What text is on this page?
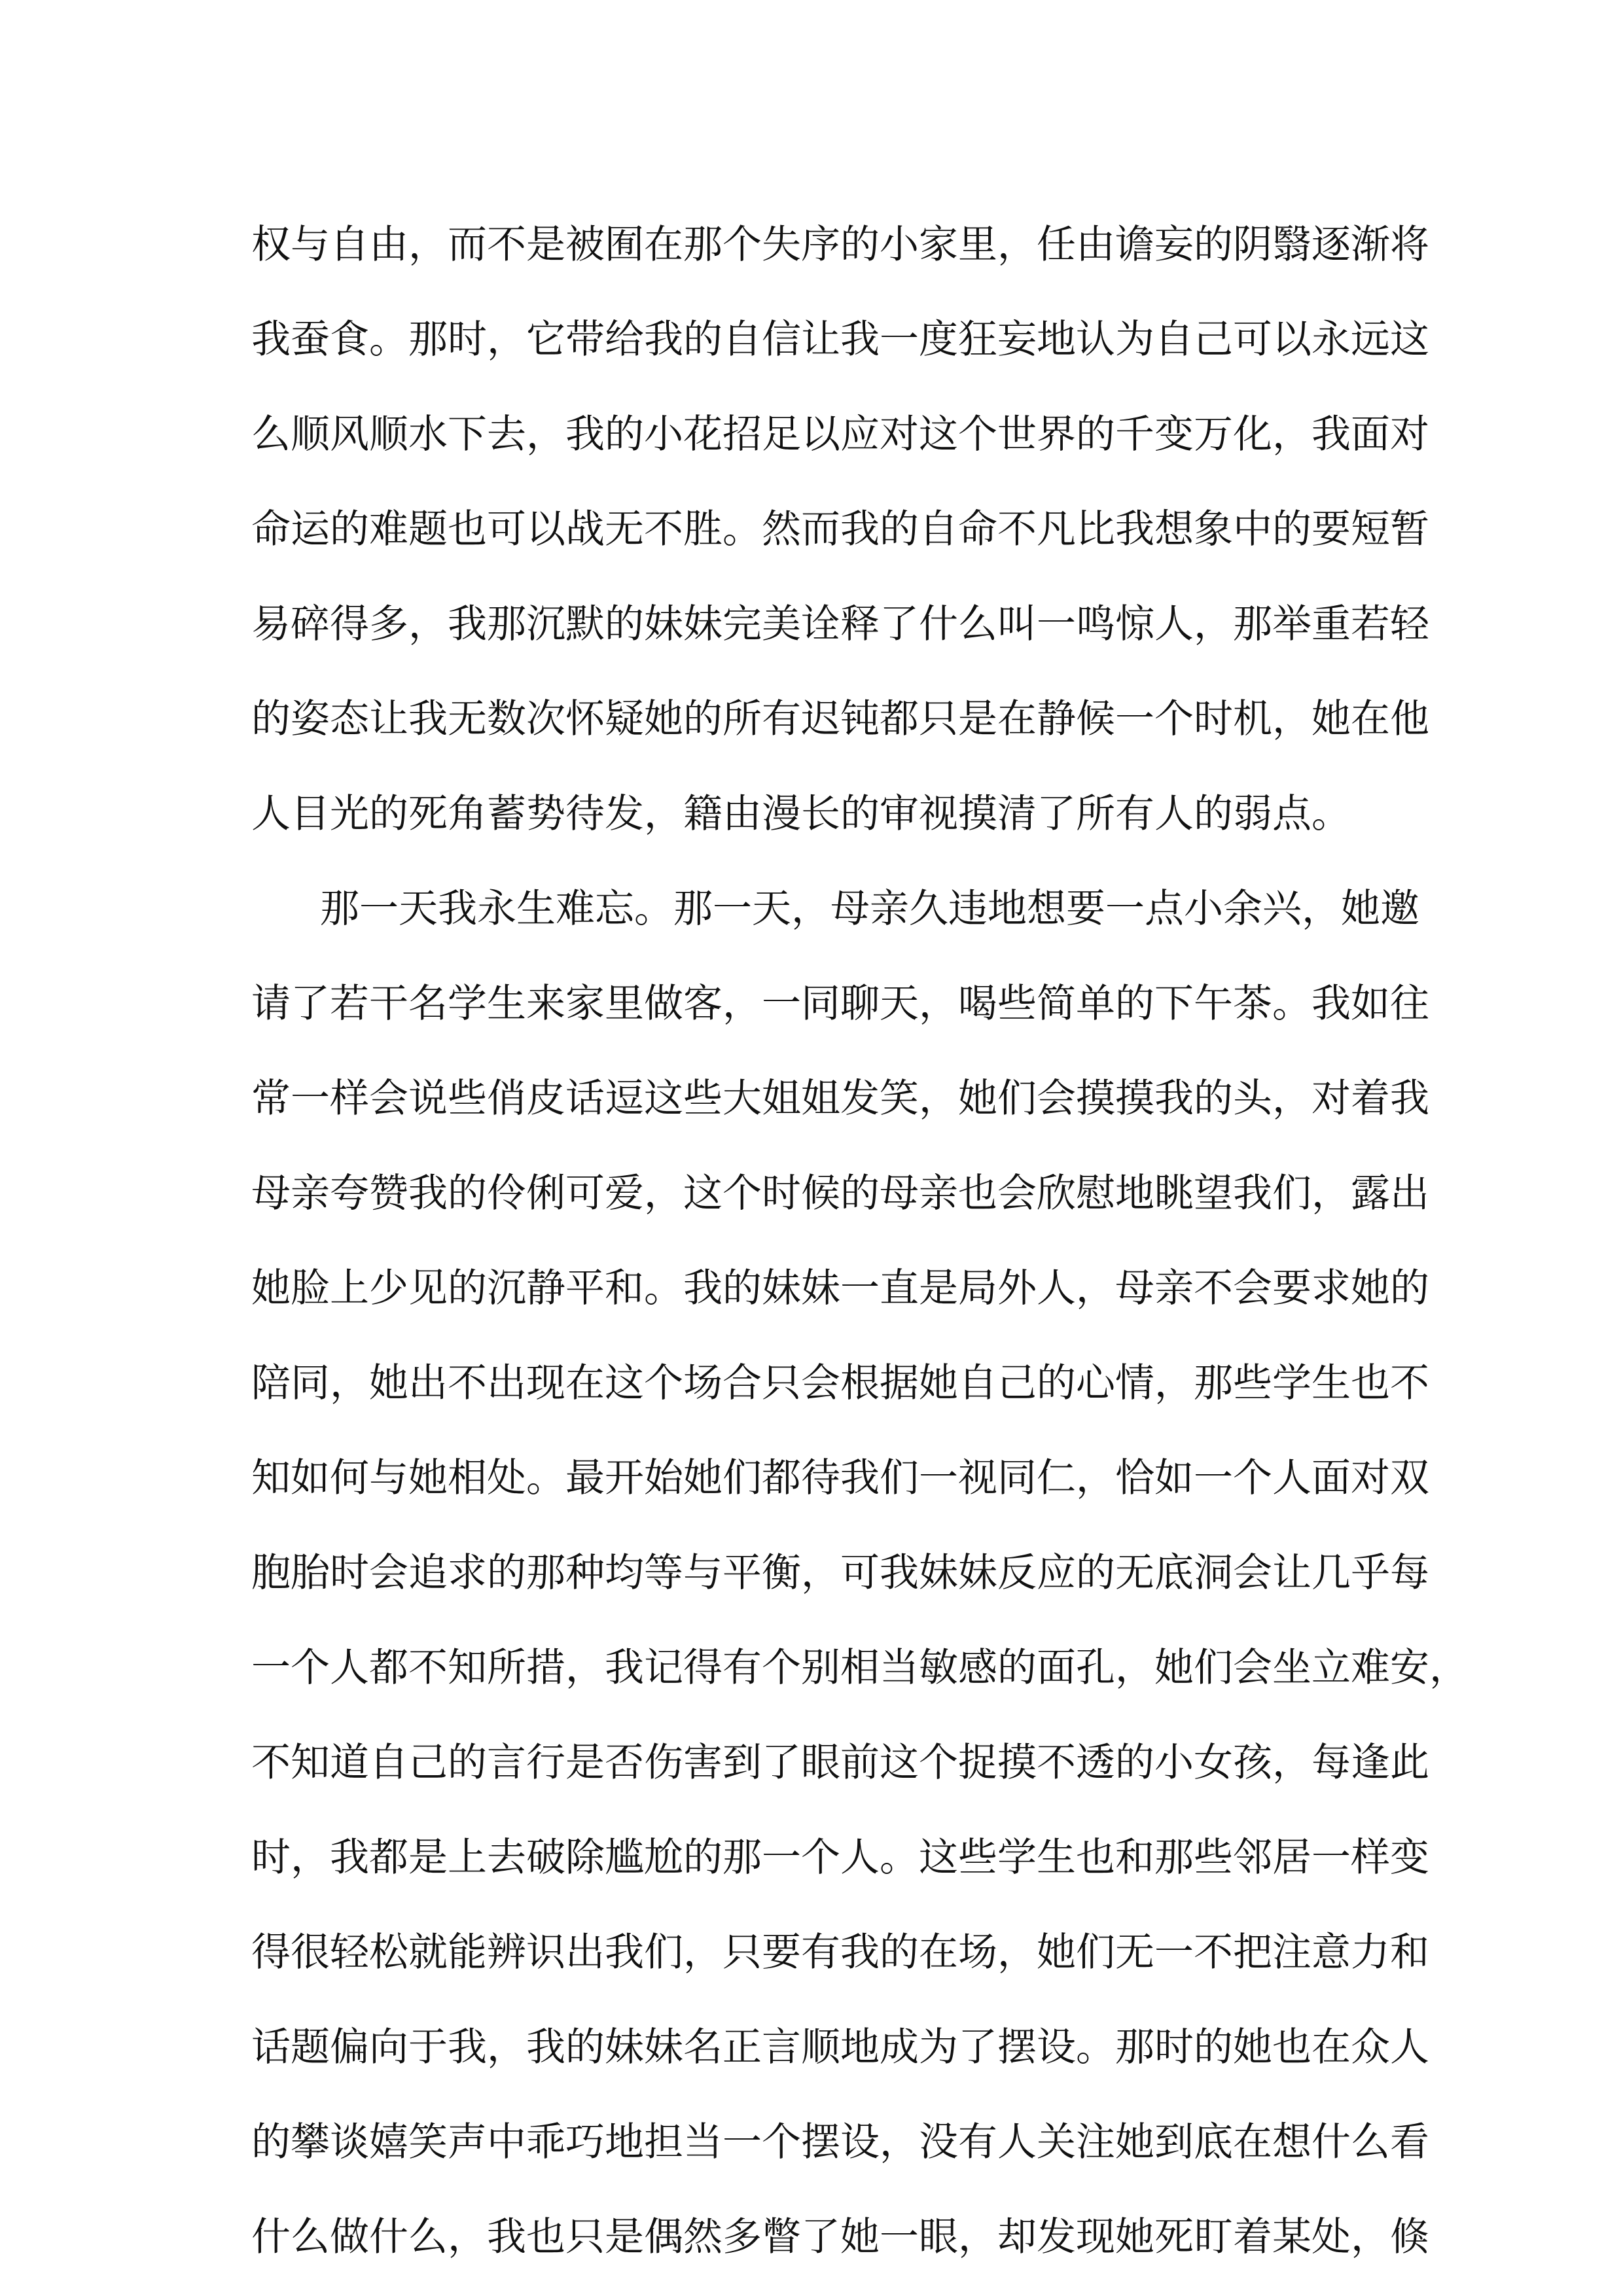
权与自由，而不是被囿在那个失序的小家里，任由谵妄的阴翳逐渐将
我蚕食。那时，它带给我的自信让我一度狂妄地认为自己可以永远这
么顺风顺水下去，我的小花招足以应对这个世界的千变万化，我面对
命运的难题也可以战无不胜。然而我的自命不凡比我想象中的要短暂
易碎得多，我那沉默的妹妹完美诠释了什么叫一鸣惊人，那举重若轻
的姿态让我无数次怀疑她的所有迟钝都只是在静候一个时机，她在他
人目光的死角蓄势待发，籍由漫长的审视摸清了所有人的弱点。
那一天我永生难忘。那一天，母亲久违地想要一点小余兴，她邀
请了若干名学生来家里做客，一同聊天，喝些简单的下午茶。我如往
常一样会说些俏皮话逗这些大姐姐发笑，她们会摸摸我的头，对着我
母亲夸赞我的伶俐可爱，这个时候的母亲也会欣慰地眺望我们，露出
她脸上少见的沉静平和。我的妹妹一直是局外人，母亲不会要求她的
陪同，她出不出现在这个场合只会根据她自己的心情，那些学生也不
知如何与她相处。最开始她们都待我们一视同仁，恰如一个人面对双
胞胎时会追求的那种均等与平衡，可我妹妹反应的无底洞会让几乎每
一个人都不知所措，我记得有个别相当敏感的面孔，她们会坐立难安，
不知道自己的言行是否伤害到了眼前这个捉摸不透的小女孩，每逢此
时，我都是上去破除尴尬的那一个人。这些学生也和那些邻居一样变
得很轻松就能辨识出我们，只要有我的在场，她们无一不把注意力和
话题偏向于我，我的妹妹名正言顺地成为了摆设。那时的她也在众人
的攀谈嬉笑声中乖巧地担当一个摆设，没有人关注她到底在想什么看
什么做什么，我也只是偶然多瞥了她一眼，却发现她死盯着某处，倏
